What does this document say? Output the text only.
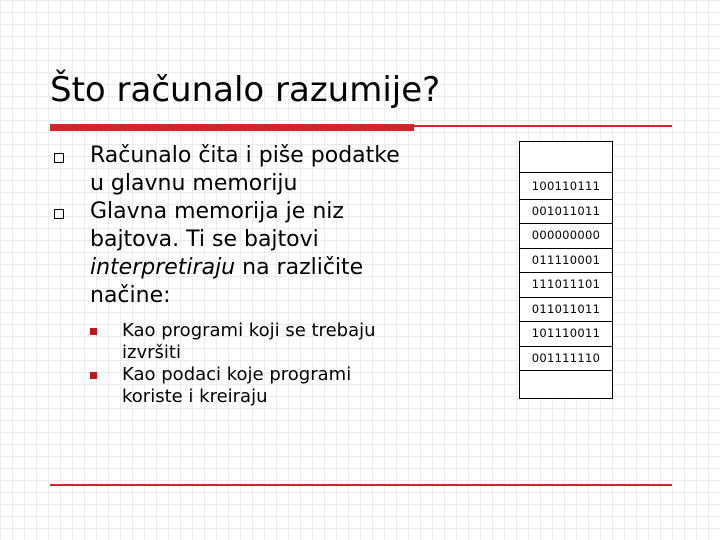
Što računalo razumije?
Računalo čita i piše podatke u glavnu memoriju
Glavna memorija je niz bajtova. Ti se bajtovi interpretiraju na različite načine:
Kao programi koji se trebaju izvršiti
Kao podaci koje programi koriste i kreiraju
100110111
001011011
000000000
011110001
111011101
011011011
101110011
001111110
